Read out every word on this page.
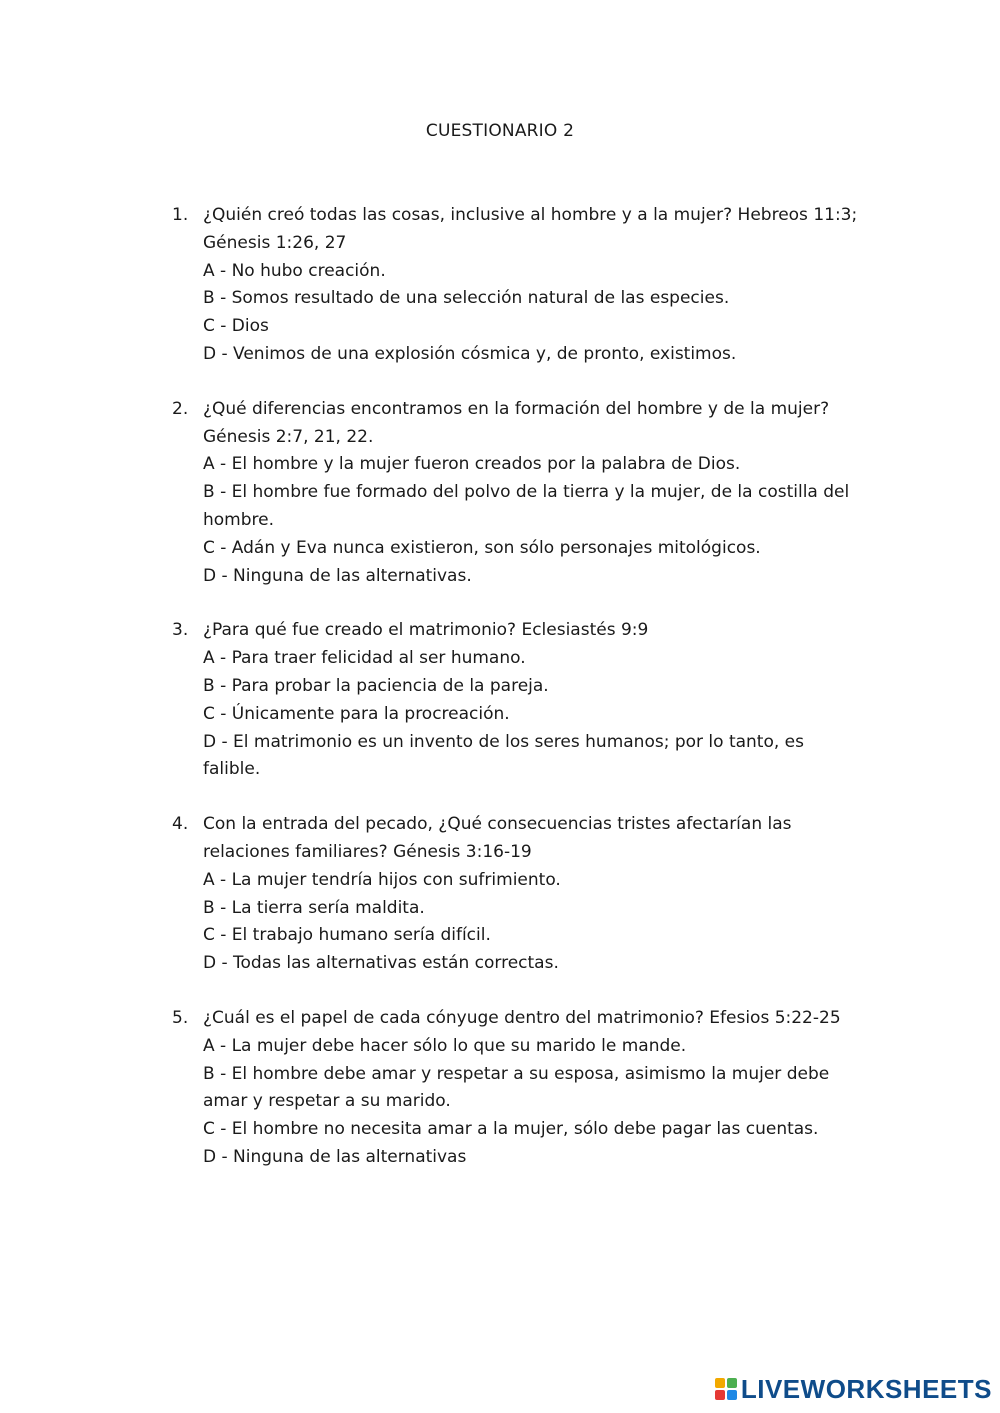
CUESTIONARIO 2
1. ¿Quién creó todas las cosas, inclusive al hombre y a la mujer? Hebreos 11:3; Génesis 1:26, 27

A - No hubo creación.

B - Somos resultado de una selección natural de las especies.

C - Dios

D - Venimos de una explosión cósmica y, de pronto, existimos.

2. ¿Qué diferencias encontramos en la formación del hombre y de la mujer? Génesis 2:7, 21, 22.

A - El hombre y la mujer fueron creados por la palabra de Dios.

B - El hombre fue formado del polvo de la tierra y la mujer, de la costilla del hombre.

C - Adán y Eva nunca existieron, son sólo personajes mitológicos.

D - Ninguna de las alternativas.

3. ¿Para qué fue creado el matrimonio? Eclesiastés 9:9

A - Para traer felicidad al ser humano.

B - Para probar la paciencia de la pareja.

C - Únicamente para la procreación.

D - El matrimonio es un invento de los seres humanos; por lo tanto, es falible.

4. Con la entrada del pecado, ¿Qué consecuencias tristes afectarían las relaciones familiares? Génesis 3:16-19

A - La mujer tendría hijos con sufrimiento.

B - La tierra sería maldita.

C - El trabajo humano sería difícil.

D - Todas las alternativas están correctas.

5. ¿Cuál es el papel de cada cónyuge dentro del matrimonio? Efesios 5:22-25

A - La mujer debe hacer sólo lo que su marido le mande.

B - El hombre debe amar y respetar a su esposa, asimismo la mujer debe amar y respetar a su marido.

C - El hombre no necesita amar a la mujer, sólo debe pagar las cuentas.

D - Ninguna de las alternativas

LIVEWORKSHEETS
